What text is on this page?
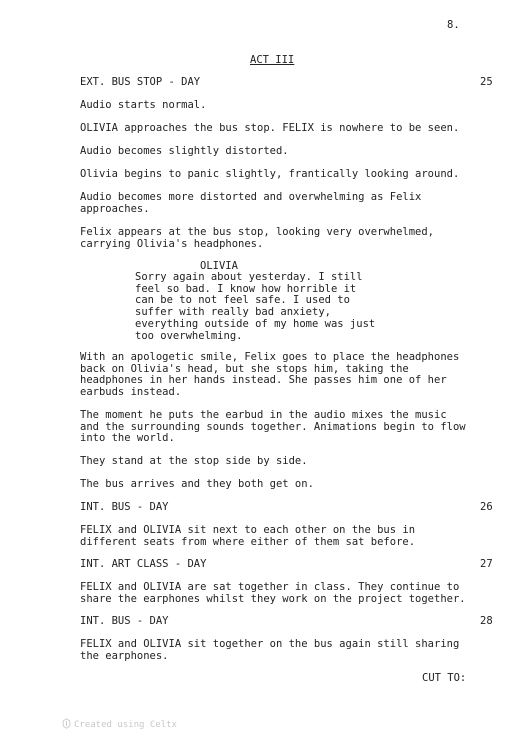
8.
ACT III
EXT. BUS STOP - DAY	25
Audio starts normal.
OLIVIA approaches the bus stop. FELIX is nowhere to be seen.
Audio becomes slightly distorted.
Olivia begins to panic slightly, frantically looking around.
Audio becomes more distorted and overwhelming as Felix
approaches.
Felix appears at the bus stop, looking very overwhelmed,
carrying Olivia's headphones.
OLIVIA
Sorry again about yesterday. I still
feel so bad. I know how horrible it
can be to not feel safe. I used to
suffer with really bad anxiety,
everything outside of my home was just
too overwhelming.
With an apologetic smile, Felix goes to place the headphones
back on Olivia's head, but she stops him, taking the
headphones in her hands instead. She passes him one of her
earbuds instead.
The moment he puts the earbud in the audio mixes the music
and the surrounding sounds together. Animations begin to flow
into the world.
They stand at the stop side by side.
The bus arrives and they both get on.
INT. BUS - DAY	26
FELIX and OLIVIA sit next to each other on the bus in
different seats from where either of them sat before.
INT. ART CLASS - DAY	27
FELIX and OLIVIA are sat together in class. They continue to
share the earphones whilst they work on the project together.
INT. BUS - DAY	28
FELIX and OLIVIA sit together on the bus again still sharing
the earphones.
CUT TO:
Created using Celtx
